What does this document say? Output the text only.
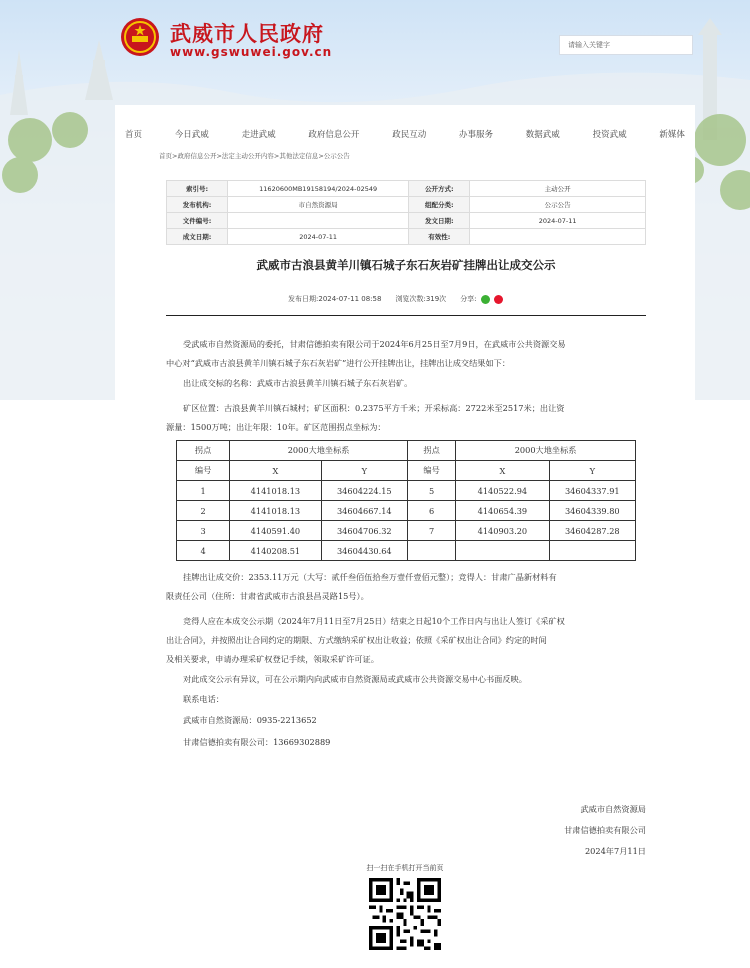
武威市人民政府
www.gswuwei.gov.cn	请输入关键字
首页	今日武威	走进武威	政府信息公开	政民互动	办事服务	数据武威	投资武威	新媒体
首页>政府信息公开>法定主动公开内容>其他法定信息>公示公告
索引号:	11620600MB19158194/2024-02549	公开方式:	主动公开
发布机构:	市自然资源局	组配分类:	公示公告
文件编号:		发文日期:	2024-07-11
成文日期:	2024-07-11	有效性:	
武威市古浪县黄羊川镇石城子东石灰岩矿挂牌出让成交公示
发布日期: 2024-07-11 08:58 浏览次数: 319次 分享:
受武威市自然资源局的委托，甘肃信德拍卖有限公司于2024年6月25日至7月9日，在武威市公共资源交易
中心对“武威市古浪县黄羊川镇石城子东石灰岩矿”进行公开挂牌出让，挂牌出让成交结果如下：
出让成交标的名称：武威市古浪县黄羊川镇石城子东石灰岩矿。
矿区位置：古浪县黄羊川镇石城村；矿区面积：0.2375平方千米；开采标高：2722米至2517米；出让资
源量：1500万吨；出让年限：10年。矿区范围拐点坐标为：
拐点	2000大地坐标系		拐点	2000大地坐标系	
编号	X	Y	编号	X	Y
1	4141018.13	34604224.15	5	4140522.94	34604337.91
2	4141018.13	34604667.14	6	4140654.39	34604339.80
3	4140591.40	34604706.32	7	4140903.20	34604287.28
4	4140208.51	34604430.64			
挂牌出让成交价：2353.11万元（大写：贰仟叁佰伍拾叁万壹仟壹佰元整）；竞得人：甘肃广晶新材料有
限责任公司（住所：甘肃省武威市古浪县昌灵路15号）。
竞得人应在本成交公示期（2024年7月11日至7月25日）结束之日起10个工作日内与出让人签订《采矿权
出让合同》，并按照出让合同约定的期限、方式缴纳采矿权出让收益；依照《采矿权出让合同》约定的时间
及相关要求，申请办理采矿权登记手续，领取采矿许可证。
对此成交公示有异议，可在公示期内向武威市自然资源局或武威市公共资源交易中心书面反映。
联系电话：
武威市自然资源局：0935-2213652
甘肃信德拍卖有限公司：13669302889
武威市自然资源局
甘肃信德拍卖有限公司
2024年7月11日
扫一扫在手机打开当前页
